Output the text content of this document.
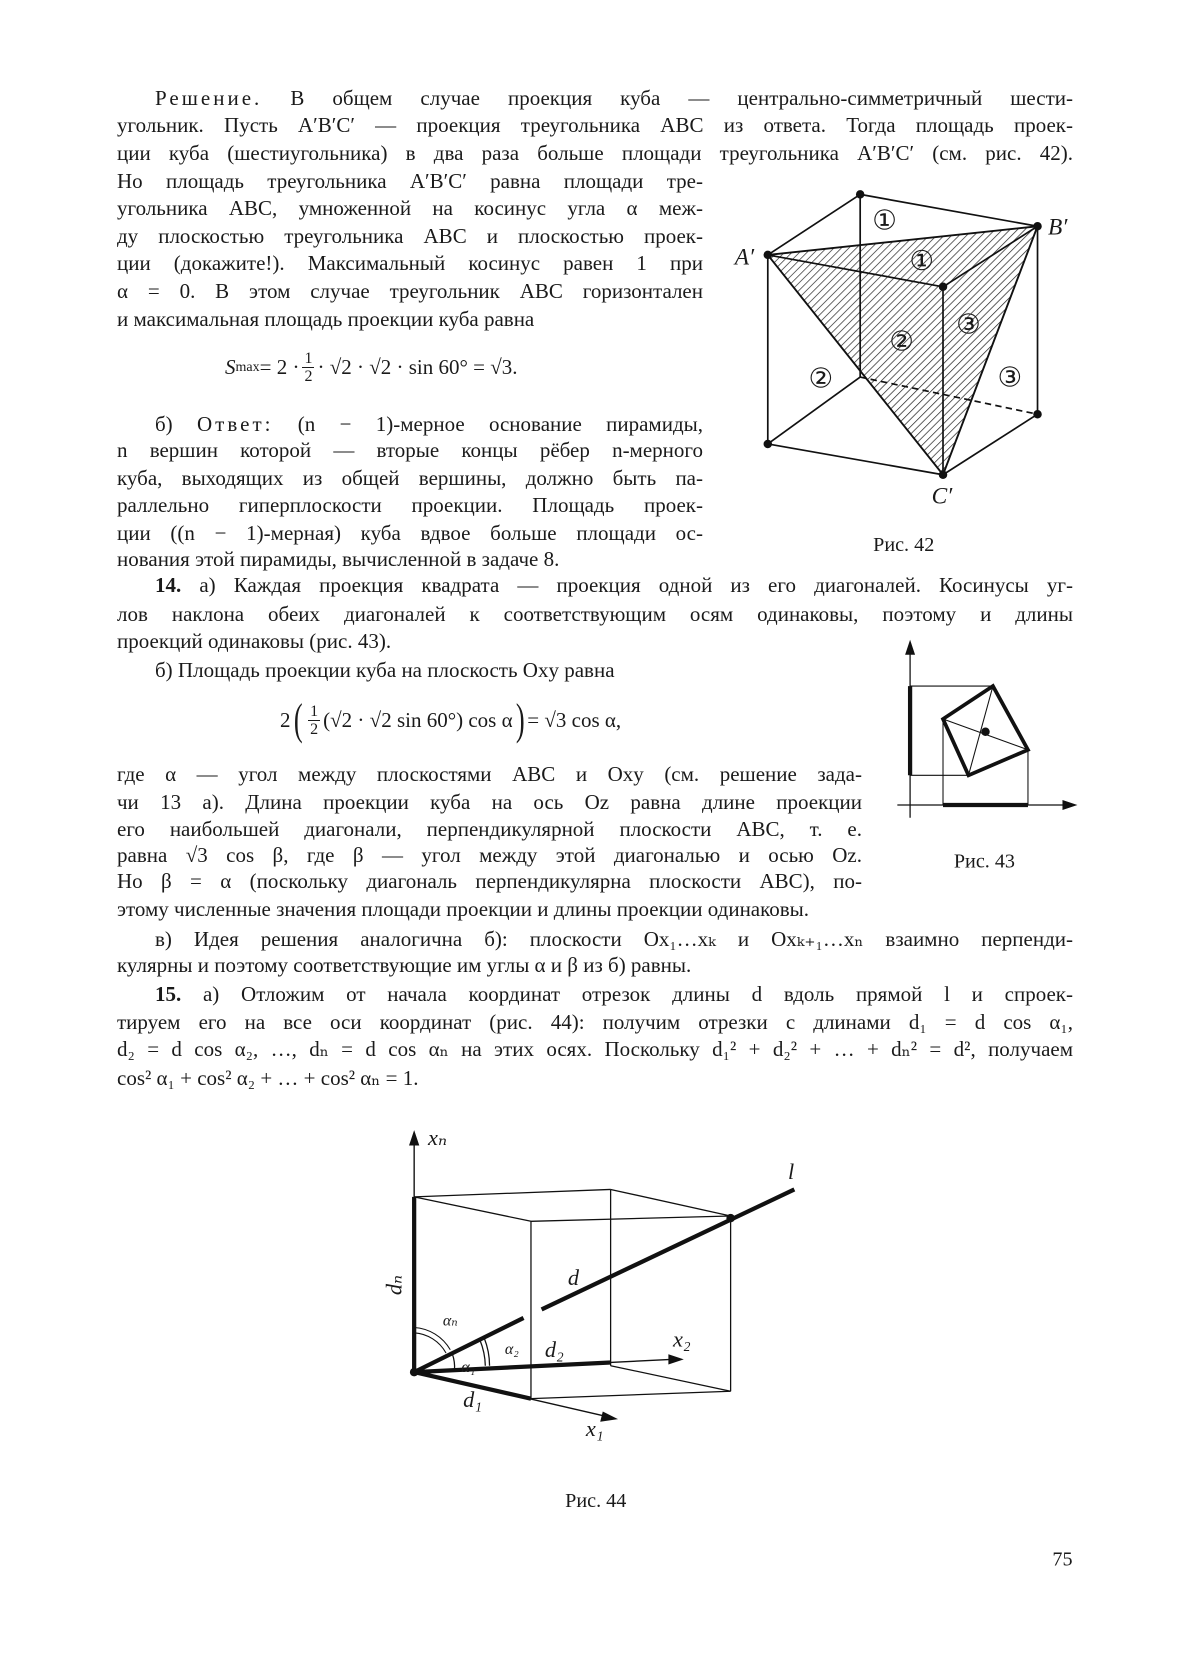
Решение. В общем случае проекция куба — центрально-симметричный шести-
угольник. Пусть A′B′C′ — проекция треугольника ABC из ответа. Тогда площадь проек-
ции куба (шестиугольника) в два раза больше площади треугольника A′B′C′ (см. рис. 42).
Но площадь треугольника A′B′C′ равна площади тре-
угольника ABC, умноженной на косинус угла α меж-
ду плоскостью треугольника ABC и плоскостью проек-
ции (докажите!). Максимальный косинус равен 1 при
α = 0. В этом случае треугольник ABC горизонтален
и максимальная площадь проекции куба равна
S max = 2 · 1
2 · √2 · √2 · sin 60° = √3.
б) Ответ: (n − 1)-мерное основание пирамиды,
n вершин которой — вторые концы рёбер n-мерного
куба, выходящих из общей вершины, должно быть па-
раллельно гиперплоскости проекции. Площадь проек-
ции ((n − 1)-мерная) куба вдвое больше площади ос-
нования этой пирамиды, вычисленной в задаче 8.
14. а) Каждая проекция квадрата — проекция одной из его диагоналей. Косинусы уг-
лов наклона обеих диагоналей к соответствующим осям одинаковы, поэтому и длины
проекций одинаковы (рис. 43).
б) Площадь проекции куба на плоскость Oxy равна
2 ( 1
2 (√2 · √2 sin 60°) cos α ) = √3 cos α,
где α — угол между плоскостями ABC и Oxy (см. решение зада-
чи 13 а). Длина проекции куба на ось Oz равна длине проекции
его наибольшей диагонали, перпендикулярной плоскости ABC, т. е.
равна √3 cos β, где β — угол между этой диагональю и осью Oz.
Но β = α (поскольку диагональ перпендикулярна плоскости ABC), по-
этому численные значения площади проекции и длины проекции одинаковы.
в) Идея решения аналогична б): плоскости Ox₁…xₖ и Oxₖ₊₁…xₙ взаимно перпенди-
кулярны и поэтому соответствующие им углы α и β из б) равны.
15. а) Отложим от начала координат отрезок длины d вдоль прямой l и спроек-
тируем его на все оси координат (рис. 44): получим отрезки с длинами d₁ = d cos α₁,
d₂ = d cos α₂, …, dₙ = d cos αₙ на этих осях. Поскольку d₁² + d₂² + … + dₙ² = d², получаем
cos² α₁ + cos² α₂ + … + cos² αₙ = 1.
A′
B′
C′
①
①
②
②
③
③
Рис. 42
Рис. 43
xₙ
l
d
dₙ
αₙ
α₂
α₁
d₂	x₂
d₁
x₁
Рис. 44
75
